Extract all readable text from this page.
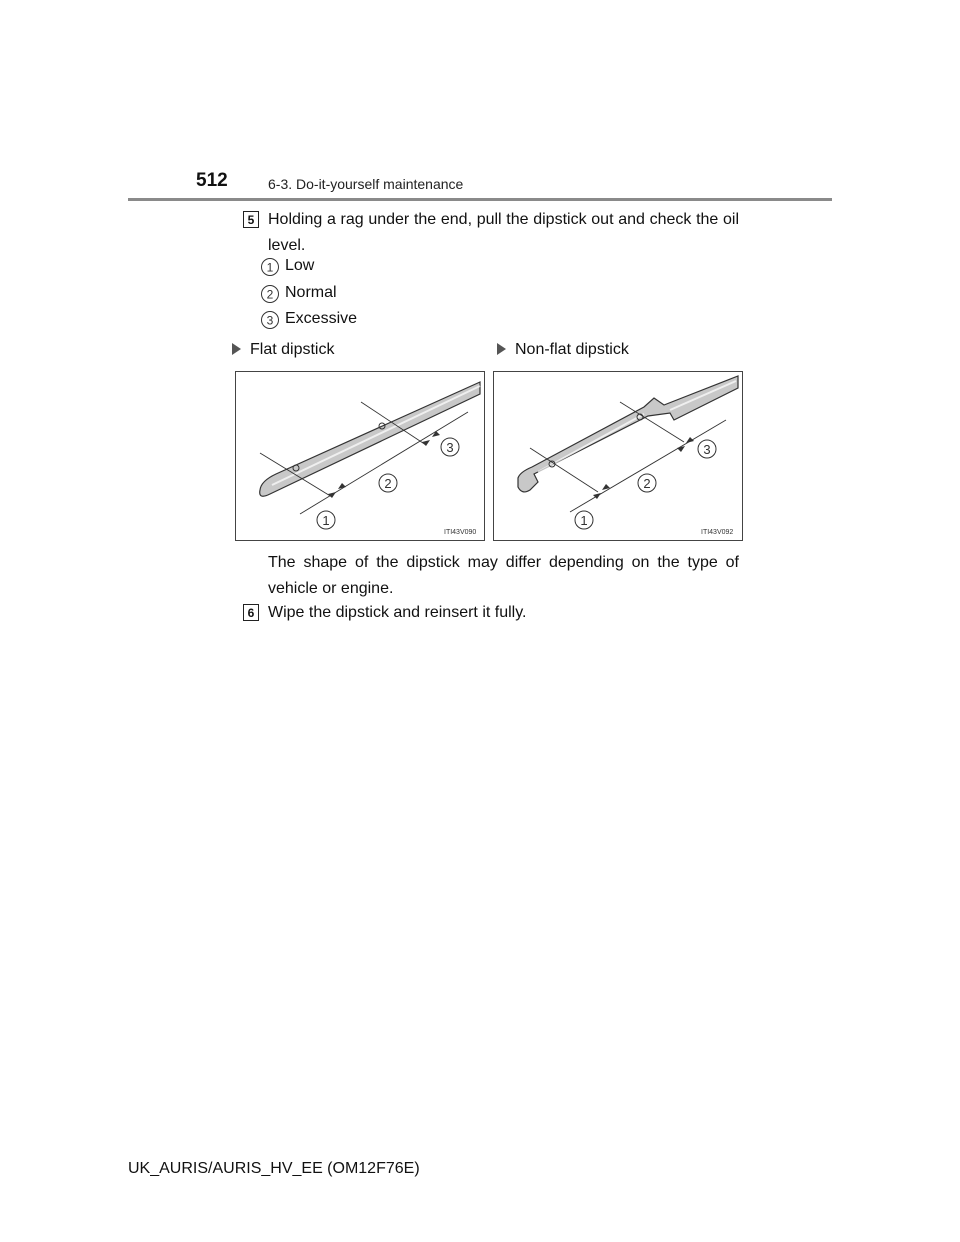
512	6-3. Do-it-yourself maintenance
5 Holding a rag under the end, pull the dipstick out and check the oil level.
1 Low
2 Normal
3 Excessive
Flat dipstick	Non-flat dipstick
1
2
3
ITI43V090
1
2
3
ITI43V092
The shape of the dipstick may differ depending on the type of vehicle or engine.
6 Wipe the dipstick and reinsert it fully.
UK_AURIS/AURIS_HV_EE (OM12F76E)
